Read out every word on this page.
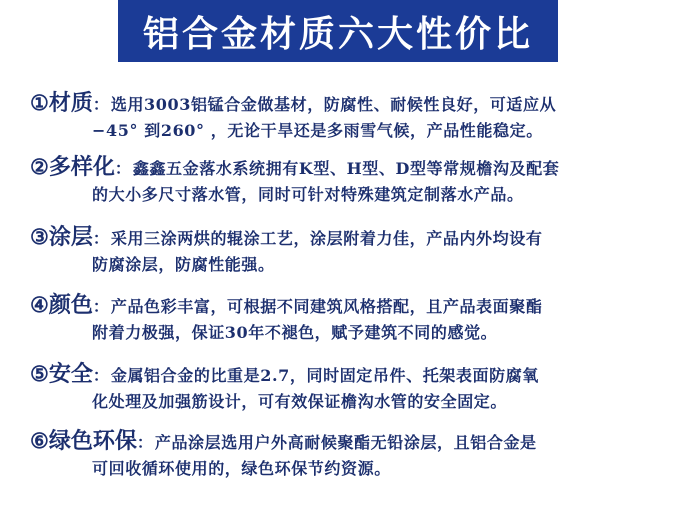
铝合金材质六大性价比
① 材质 ： 选用3003铝锰合金做基材，防腐性、耐候性良好，可适应从
−45° 到260° ，无论干旱还是多雨雪气候，产品性能稳定。
② 多样化 ： 鑫鑫五金落水系统拥有K型、H型、D型等常规檐沟及配套
的大小多尺寸落水管，同时可针对特殊建筑定制落水产品。
③ 涂层 ： 采用三涂两烘的辊涂工艺，涂层附着力佳，产品内外均设有
防腐涂层，防腐性能强。
④ 颜色 ： 产品色彩丰富，可根据不同建筑风格搭配，且产品表面聚酯
附着力极强，保证30年不褪色，赋予建筑不同的感觉。
⑤ 安全 ： 金属铝合金的比重是2.7，同时固定吊件、托架表面防腐氧
化处理及加强筋设计，可有效保证檐沟水管的安全固定。
⑥ 绿色环保 ： 产品涂层选用户外高耐候聚酯无铅涂层，且铝合金是
可回收循环使用的，绿色环保节约资源。
